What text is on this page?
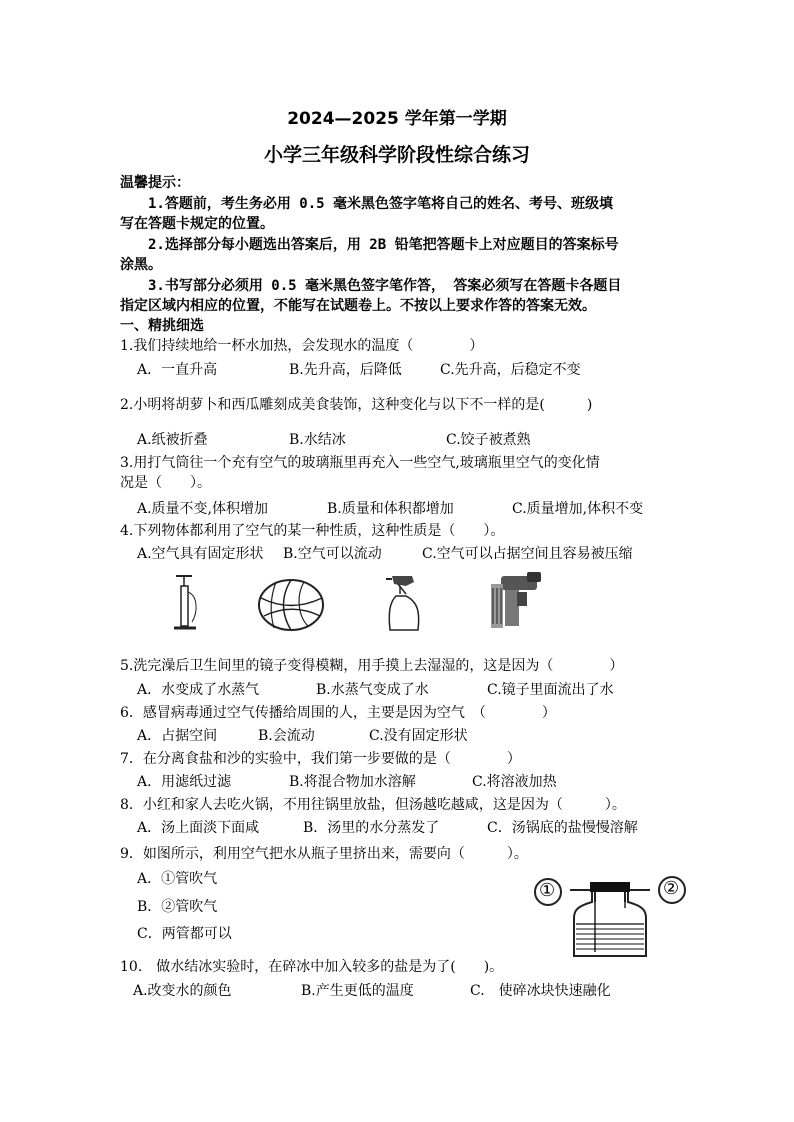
2024—2025 学年第一学期
小学三年级科学阶段性综合练习
温馨提示：
1.答题前，考生务必用 0.5 毫米黑色签字笔将自己的姓名、考号、班级填
写在答题卡规定的位置。
2.选择部分每小题选出答案后，用 2B 铅笔把答题卡上对应题目的答案标号
涂黑。
3.书写部分必须用 0.5 毫米黑色签字笔作答， 答案必须写在答题卡各题目
指定区域内相应的位置，不能写在试题卷上。不按以上要求作答的答案无效。
一、精挑细选
1.我们持续地给一杯水加热，会发现水的温度（　　　　）
A．一直升高	B.先升高，后降低	C.先升高，后稳定不变
2.小明将胡萝卜和西瓜雕刻成美食装饰，这种变化与以下不一样的是(　　　)
A.纸被折叠	B.水结冰	C.饺子被煮熟
3.用打气筒往一个充有空气的玻璃瓶里再充入一些空气,玻璃瓶里空气的变化情
况是（　　）。
A.质量不变,体积增加	B.质量和体积都增加	C.质量增加,体积不变
4.下列物体都利用了空气的某一种性质，这种性质是（　　）。
A.空气具有固定形状 B.空气可以流动	C.空气可以占据空间且容易被压缩
5.洗完澡后卫生间里的镜子变得模糊，用手摸上去湿湿的，这是因为（　　　　）
A．水变成了水蒸气	B.水蒸气变成了水	C.镜子里面流出了水
6．感冒病毒通过空气传播给周围的人，主要是因为空气　（　　　　）
A．占据空间	B.会流动	C.没有固定形状
7．在分离食盐和沙的实验中，我们第一步要做的是（　　　　）
A．用滤纸过滤	B.将混合物加水溶解	C.将溶液加热
8．小红和家人去吃火锅，不用往锅里放盐，但汤越吃越咸，这是因为（　　　）。
A．汤上面淡下面咸	B．汤里的水分蒸发了	C．汤锅底的盐慢慢溶解
9．如图所示，利用空气把水从瓶子里挤出来，需要向（　　　）。
A．①管吹气
B．②管吹气
C．两管都可以
①	②
10.　做水结冰实验时，在碎冰中加入较多的盐是为了(　　)。
A.改变水的颜色	B.产生更低的温度	C.　使碎冰块快速融化
